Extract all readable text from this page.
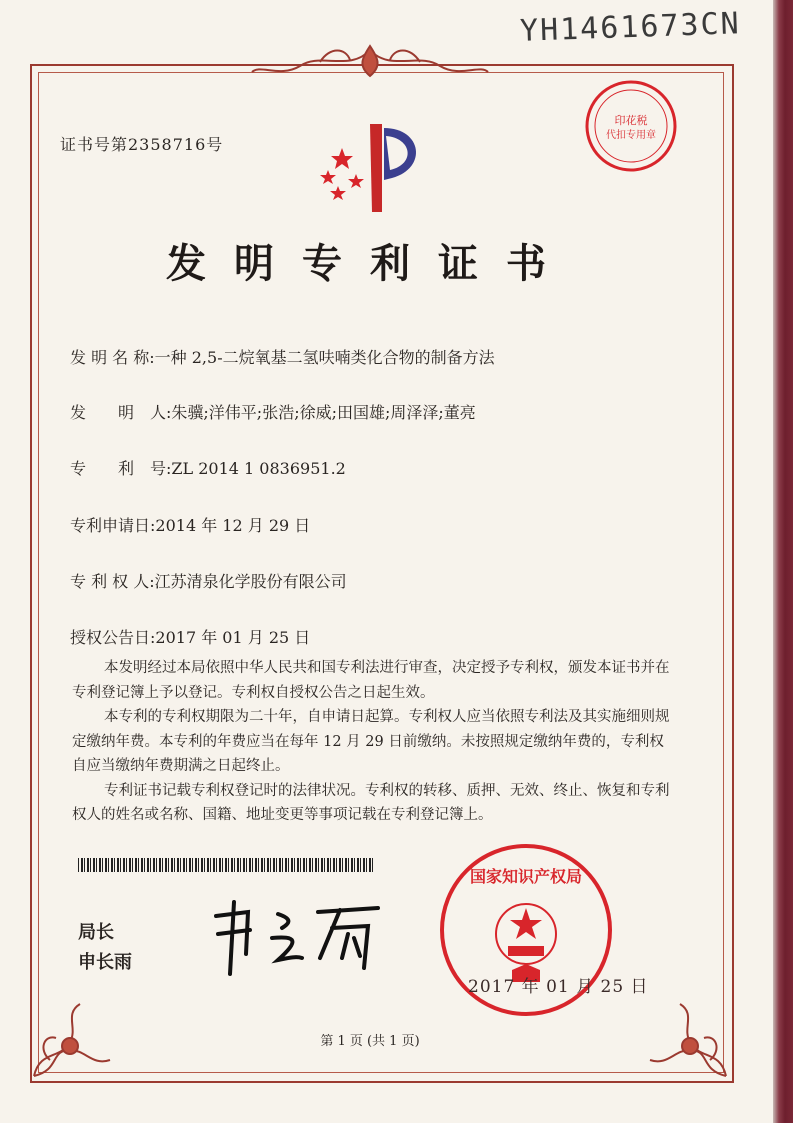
YH1461673CN
印花税
代扣专用章
证书号第2358716号
发明专利证书
发 明 名 称:一种 2,5-二烷氧基二氢呋喃类化合物的制备方法
发　　明　人:朱骥;洋伟平;张浩;徐威;田国雄;周泽泽;董亮
专　　利　号:ZL 2014 1 0836951.2
专利申请日:2014 年 12 月 29 日
专 利 权 人:江苏清泉化学股份有限公司
授权公告日:2017 年 01 月 25 日

本发明经过本局依照中华人民共和国专利法进行审查，决定授予专利权，颁发本证书并在专利登记簿上予以登记。专利权自授权公告之日起生效。

本专利的专利权期限为二十年，自申请日起算。专利权人应当依照专利法及其实施细则规定缴纳年费。本专利的年费应当在每年 12 月 29 日前缴纳。未按照规定缴纳年费的，专利权自应当缴纳年费期满之日起终止。

专利证书记载专利权登记时的法律状况。专利权的转移、质押、无效、终止、恢复和专利权人的姓名或名称、国籍、地址变更等事项记载在专利登记簿上。

局长
申长雨
国家知识产权局
2017 年 01 月 25 日
第 1 页 (共 1 页)
